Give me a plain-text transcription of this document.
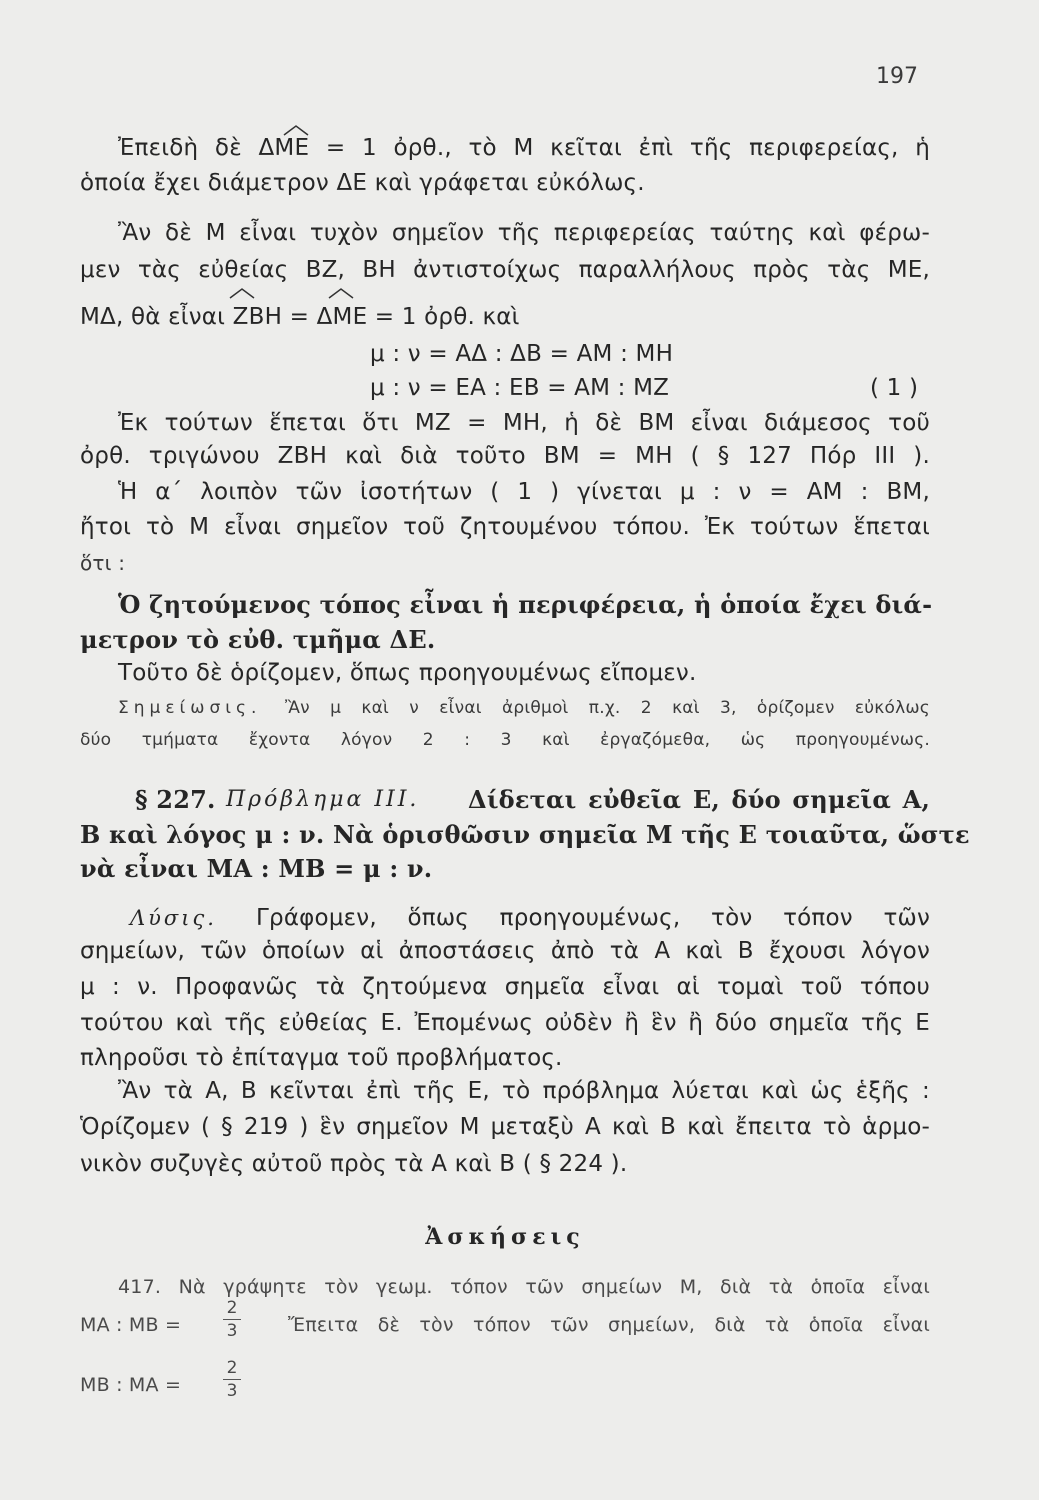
197
Ἐπειδὴ δὲ ΔΜΕ = 1 ὀρθ., τὸ Μ κεῖται ἐπὶ τῆς περιφερείας, ἡ
ὁποία ἔχει διάμετρον ΔΕ καὶ γράφεται εὐκόλως.
Ἂν δὲ Μ εἶναι τυχὸν σημεῖον τῆς περιφερείας ταύτης καὶ φέρω-
μεν τὰς εὐθείας ΒΖ, ΒΗ ἀντιστοίχως παραλλήλους πρὸς τὰς ΜΕ,
ΜΔ, θὰ εἶναι ΖΒΗ = ΔΜΕ = 1 ὀρθ. καὶ
μ : ν = ΑΔ : ΔΒ = ΑΜ : ΜΗ
μ : ν = ΕΑ : ΕΒ = ΑΜ : ΜΖ	( 1 )
Ἐκ τούτων ἕπεται ὅτι ΜΖ = ΜΗ, ἡ δὲ ΒΜ εἶναι διάμεσος τοῦ
ὀρθ. τριγώνου ΖΒΗ καὶ διὰ τοῦτο ΒΜ = ΜΗ ( § 127 Πόρ ΙΙΙ ).
Ἡ α΄ λοιπὸν τῶν ἰσοτήτων ( 1 ) γίνεται μ : ν = ΑΜ : ΒΜ,
ἤτοι τὸ Μ εἶναι σημεῖον τοῦ ζητουμένου τόπου. Ἐκ τούτων ἕπεται
ὅτι :
Ὁ ζητούμενος τόπος εἶναι ἡ περιφέρεια, ἡ ὁποία ἔχει διά-
μετρον τὸ εὐθ. τμῆμα ΔΕ.
Τοῦτο δὲ ὁρίζομεν, ὅπως προηγουμένως εἴπομεν.
Σημείωσις.	Ἂν μ καὶ ν εἶναι ἀριθμοὶ π.χ. 2 καὶ 3, ὁρίζομεν εὐκόλως
δύο τμήματα ἔχοντα λόγον 2 : 3 καὶ ἐργαζόμεθα, ὡς προηγουμένως.
§ 227. Πρόβλημα ΙΙΙ.	Δίδεται εὐθεῖα Ε, δύο σημεῖα Α,
Β καὶ λόγος μ : ν. Νὰ ὁρισθῶσιν σημεῖα Μ τῆς Ε τοιαῦτα, ὥστε
νὰ εἶναι ΜΑ : ΜΒ = μ : ν.
Λύσις.	Γράφομεν, ὅπως προηγουμένως, τὸν τόπον τῶν
σημείων, τῶν ὁποίων αἱ ἀποστάσεις ἀπὸ τὰ Α καὶ Β ἔχουσι λόγον
μ : ν. Προφανῶς τὰ ζητούμενα σημεῖα εἶναι αἱ τομαὶ τοῦ τόπου
τούτου καὶ τῆς εὐθείας Ε. Ἐπομένως οὐδὲν ἢ ἓν ἢ δύο σημεῖα τῆς Ε
πληροῦσι τὸ ἐπίταγμα τοῦ προβλήματος.
Ἂν τὰ Α, Β κεῖνται ἐπὶ τῆς Ε, τὸ πρόβλημα λύεται καὶ ὡς ἑξῆς :
Ὁρίζομεν ( § 219 ) ἓν σημεῖον Μ μεταξὺ Α καὶ Β καὶ ἔπειτα τὸ ἁρμο-
νικὸν συζυγὲς αὐτοῦ πρὸς τὰ Α καὶ Β ( § 224 ).
Ἀσκήσεις
417. Νὰ γράψητε τὸν γεωμ. τόπον τῶν σημείων Μ, διὰ τὰ ὁποῖα εἶναι
ΜΑ : ΜΒ =
2
3	Ἔπειτα δὲ τὸν τόπον τῶν σημείων, διὰ τὰ ὁποῖα εἶναι
ΜΒ : ΜΑ =
2
3
